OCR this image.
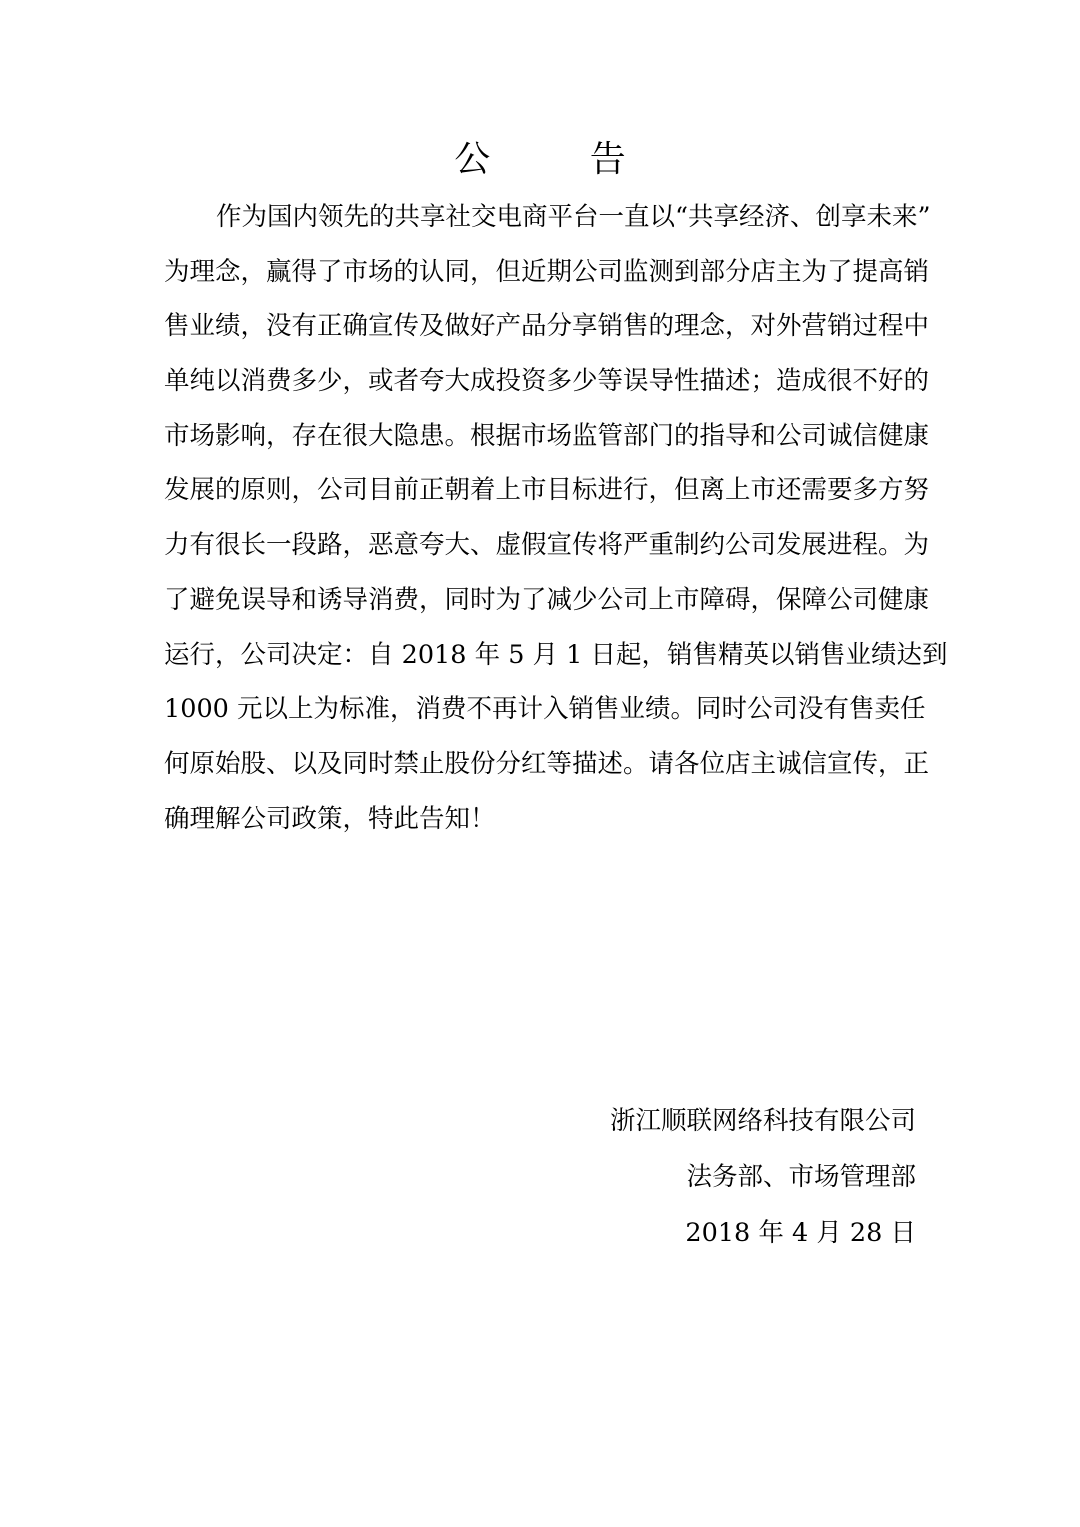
公 告
作为国内领先的共享社交电商平台一直以“共享经济、创享未来”
为理念，赢得了市场的认同，但近期公司监测到部分店主为了提高销
售业绩，没有正确宣传及做好产品分享销售的理念，对外营销过程中
单纯以消费多少，或者夸大成投资多少等误导性描述；造成很不好的
市场影响，存在很大隐患。根据市场监管部门的指导和公司诚信健康
发展的原则，公司目前正朝着上市目标进行，但离上市还需要多方努
力有很长一段路，恶意夸大、虚假宣传将严重制约公司发展进程。为
了避免误导和诱导消费，同时为了减少公司上市障碍，保障公司健康
运行，公司决定：自 2018 年 5 月 1 日起，销售精英以销售业绩达到
1000 元以上为标准，消费不再计入销售业绩。同时公司没有售卖任
何原始股、以及同时禁止股份分红等描述。请各位店主诚信宣传，正
确理解公司政策，特此告知！
浙江顺联网络科技有限公司
法务部、市场管理部
2018 年 4 月 28 日
